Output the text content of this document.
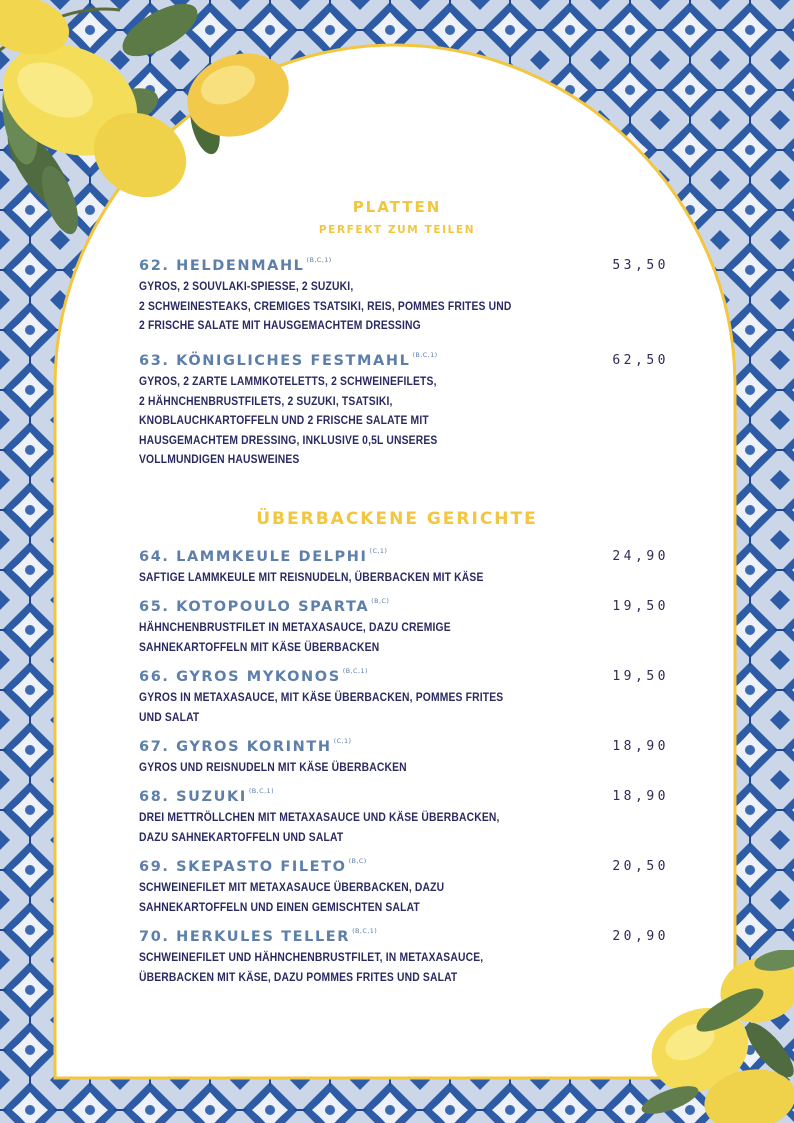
PLATTEN
PERFEKT ZUM TEILEN
62. HELDENMAHL $^{(B,C,1)}$	53,50
GYROS, 2 SOUVLAKI-SPIESSE, 2 SUZUKI,
2 SCHWEINESTEAKS, CREMIGES TSATSIKI, REIS, POMMES FRITES UND
2 FRISCHE SALATE MIT HAUSGEMACHTEM DRESSING
63. KÖNIGLICHES FESTMAHL $^{(B,C,1)}$	62,50
GYROS, 2 ZARTE LAMMKOTELETTS, 2 SCHWEINEFILETS,
2 HÄHNCHENBRUSTFILETS, 2 SUZUKI, TSATSIKI,
KNOBLAUCHKARTOFFELN UND 2 FRISCHE SALATE MIT
HAUSGEMACHTEM DRESSING, INKLUSIVE 0,5L UNSERES
VOLLMUNDIGEN HAUSWEINES
ÜBERBACKENE GERICHTE
64. LAMMKEULE DELPHI $^{(C,1)}$	24,90
SAFTIGE LAMMKEULE MIT REISNUDELN, ÜBERBACKEN MIT KÄSE
65. KOTOPOULO SPARTA $^{(B,C)}$	19,50
HÄHNCHENBRUSTFILET IN METAXASAUCE, DAZU CREMIGE
SAHNEKARTOFFELN MIT KÄSE ÜBERBACKEN
66. GYROS MYKONOS $^{(B,C,1)}$	19,50
GYROS IN METAXASAUCE, MIT KÄSE ÜBERBACKEN, POMMES FRITES
UND SALAT
67. GYROS KORINTH $^{(C,1)}$	18,90
GYROS UND REISNUDELN MIT KÄSE ÜBERBACKEN
68. SUZUKI $^{(B,C,1)}$	18,90
DREI METTRÖLLCHEN MIT METAXASAUCE UND KÄSE ÜBERBACKEN,
DAZU SAHNEKARTOFFELN UND SALAT
69. SKEPASTO FILETO $^{(B,C)}$	20,50
SCHWEINEFILET MIT METAXASAUCE ÜBERBACKEN, DAZU
SAHNEKARTOFFELN UND EINEN GEMISCHTEN SALAT
70. HERKULES TELLER $^{(B,C,1)}$	20,90
SCHWEINEFILET UND HÄHNCHENBRUSTFILET, IN METAXASAUCE,
ÜBERBACKEN MIT KÄSE, DAZU POMMES FRITES UND SALAT
